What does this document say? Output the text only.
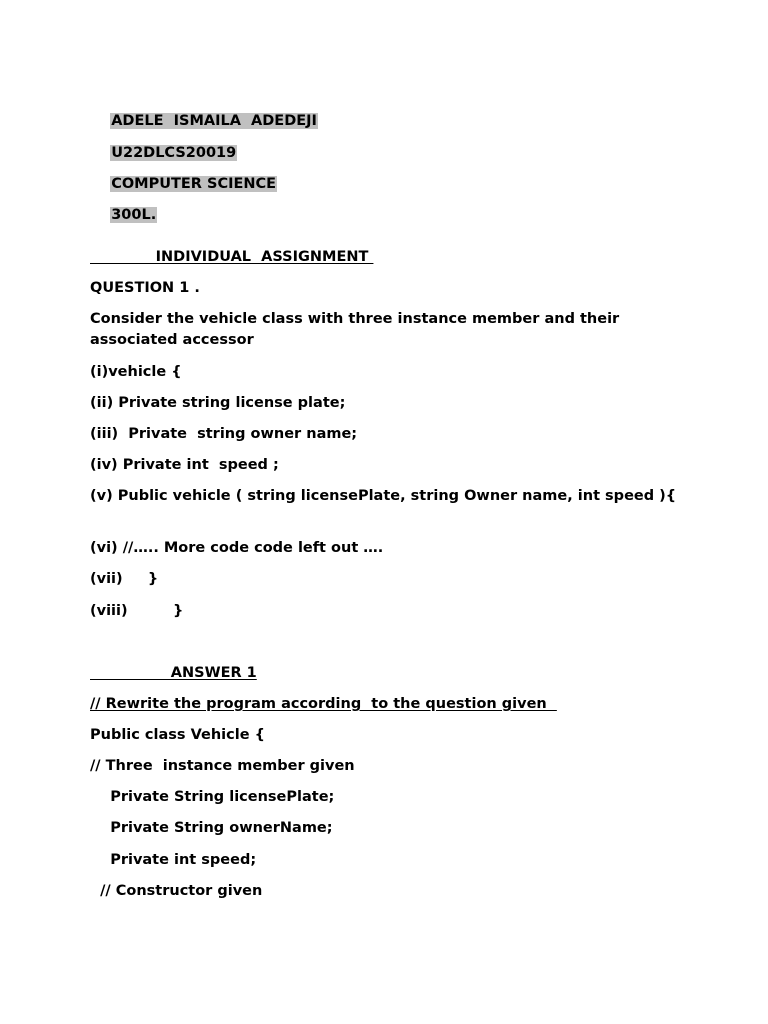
ADELE  ISMAILA  ADEDEJI

U22DLCS20019

COMPUTER SCIENCE

300L.

INDIVIDUAL  ASSIGNMENT
QUESTION 1 .
Consider the vehicle class with three instance member and their associated accessor
(i)vehicle {
(ii) Private string license plate;
(iii)  Private  string owner name;
(iv) Private int  speed ;
(v) Public vehicle ( string licensePlate, string Owner name, int speed ){
(vi) //….. More code code left out ….
(vii)     }
(viii)         }
ANSWER 1
// Rewrite the program according  to the question given
Public class Vehicle {
// Three  instance member given
Private String licensePlate;
Private String ownerName;
Private int speed;
// Constructor given
